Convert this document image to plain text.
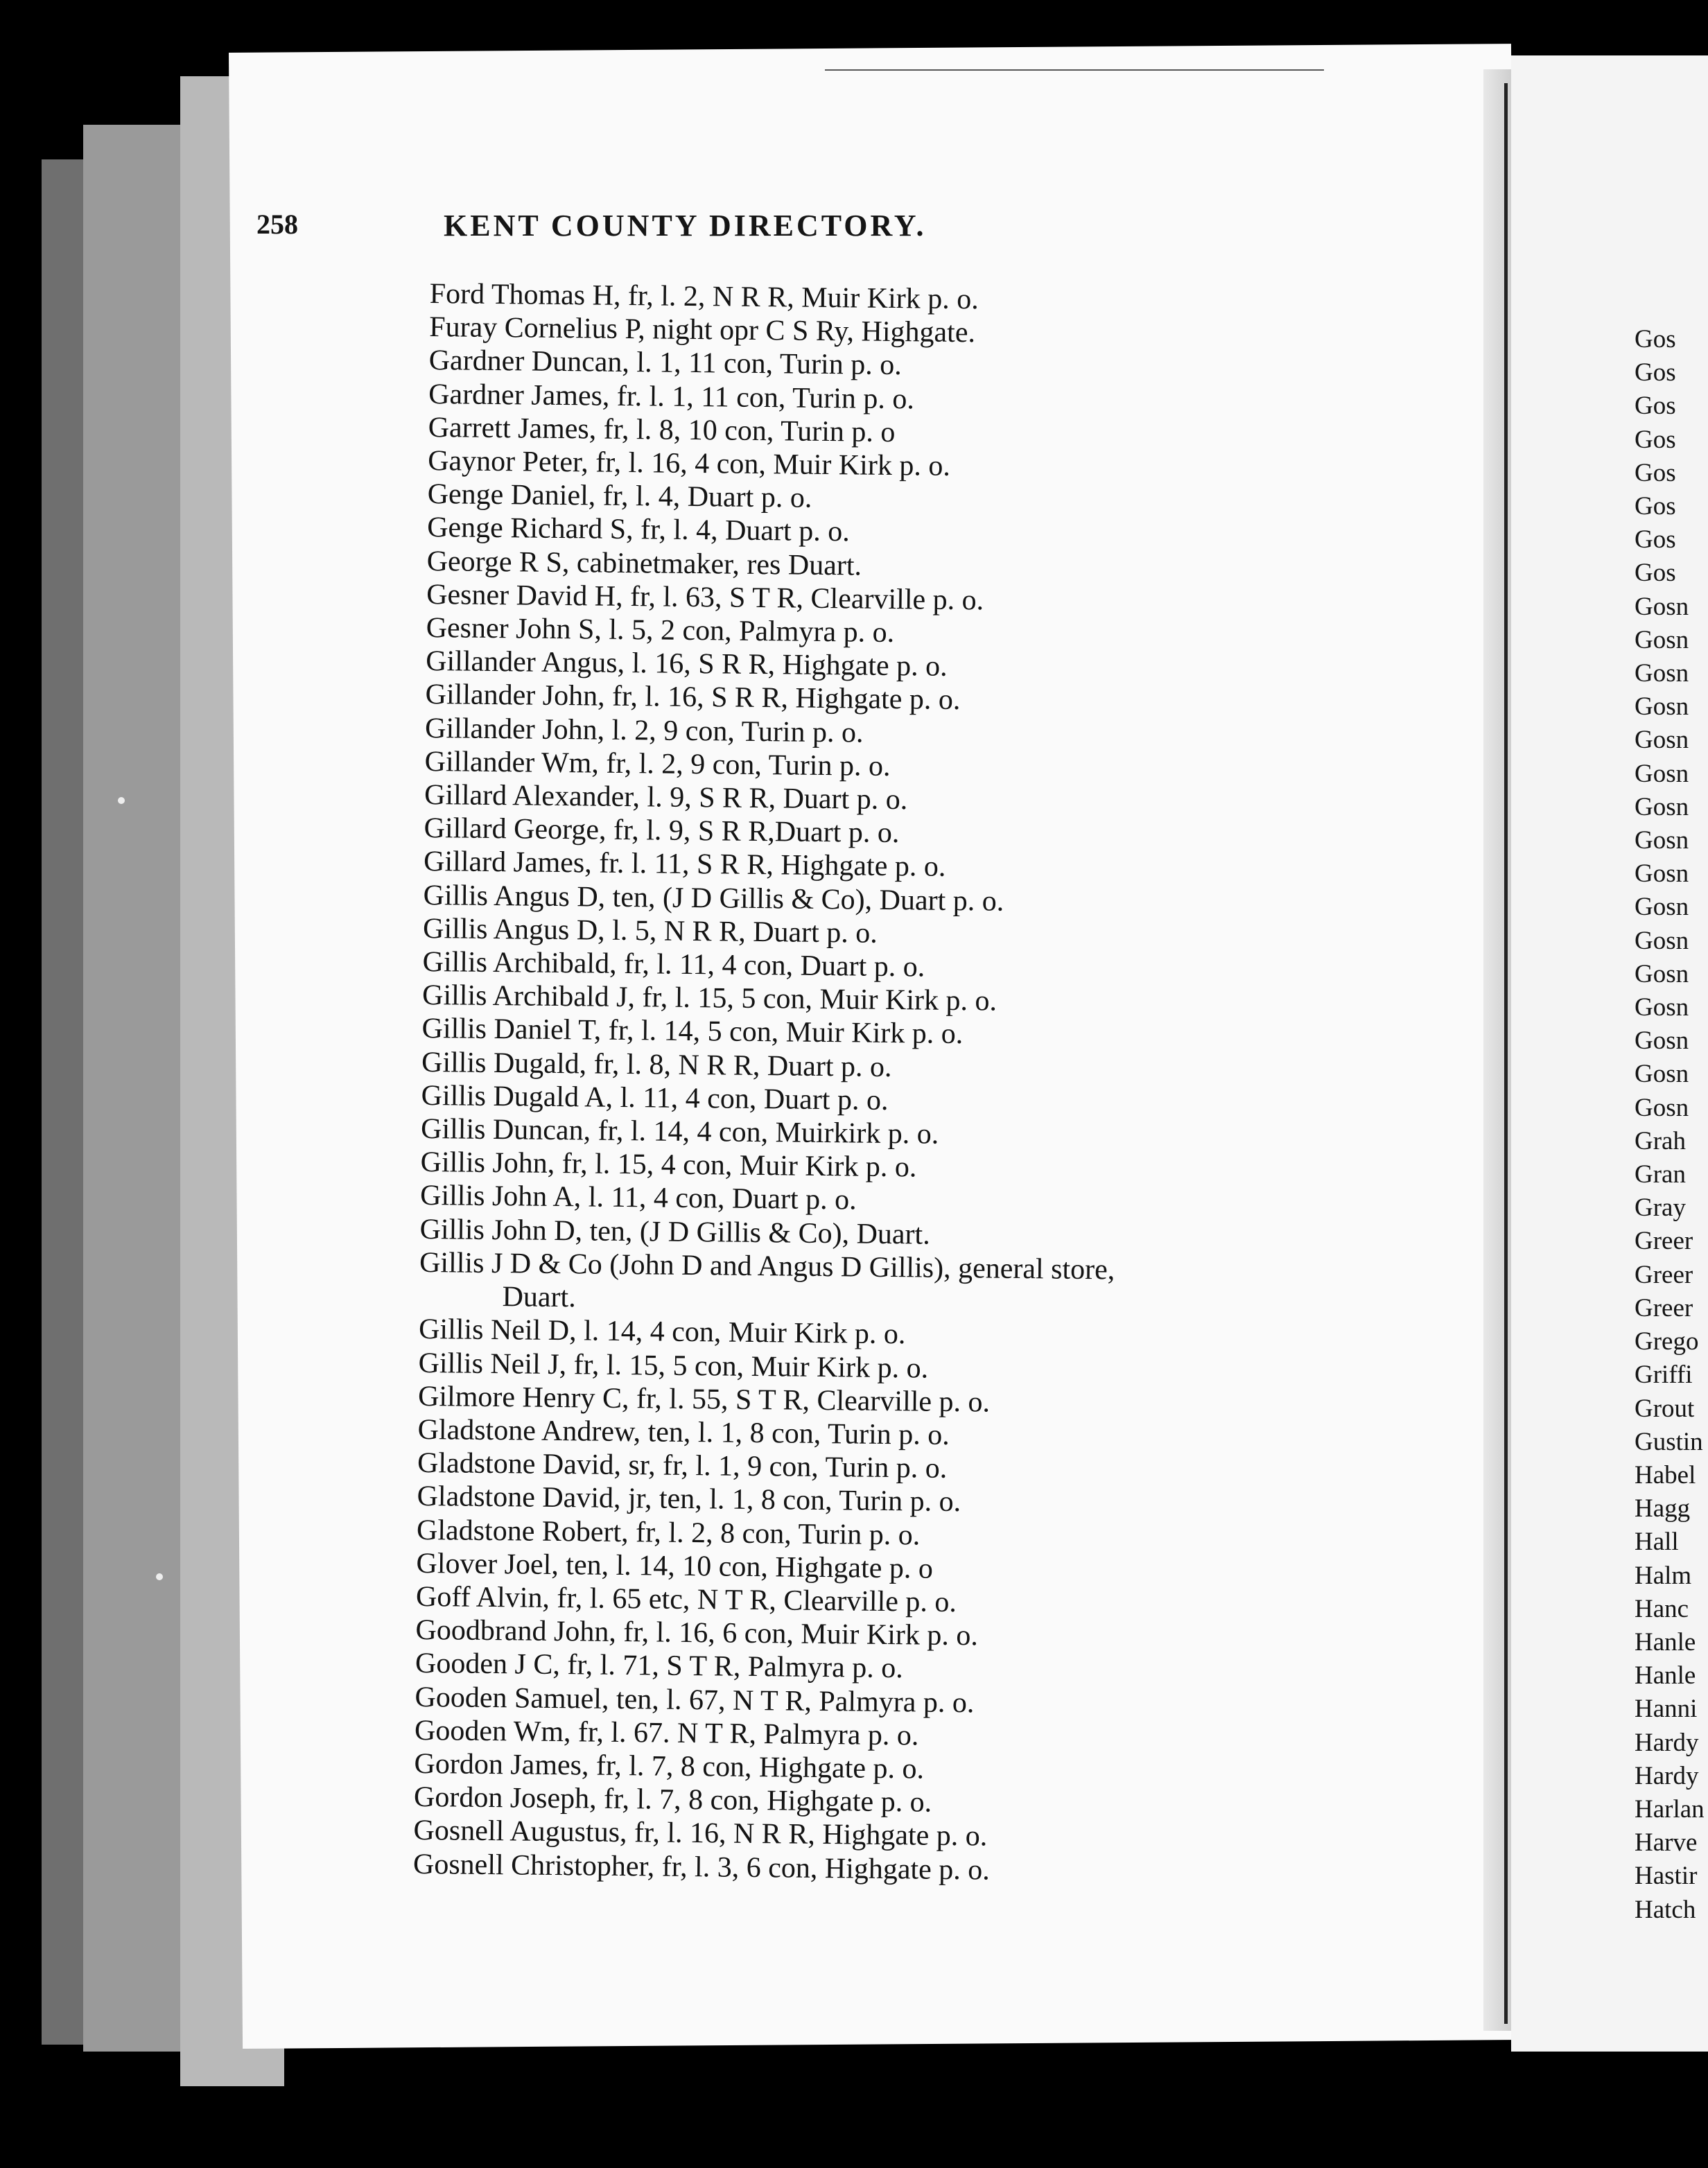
258	KENT COUNTY DIRECTORY.
Ford Thomas H, fr, l. 2, N R R, Muir Kirk p. o.
Furay Cornelius P, night opr C S Ry, Highgate.
Gardner Duncan, l. 1, 11 con, Turin p. o.
Gardner James, fr. l. 1, 11 con, Turin p. o.
Garrett James, fr, l. 8, 10 con, Turin p. o
Gaynor Peter, fr, l. 16, 4 con, Muir Kirk p. o.
Genge Daniel, fr, l. 4, Duart p. o.
Genge Richard S, fr, l. 4, Duart p. o.
George R S, cabinetmaker, res Duart.
Gesner David H, fr, l. 63, S T R, Clearville p. o.
Gesner John S, l. 5, 2 con, Palmyra p. o.
Gillander Angus, l. 16, S R R, Highgate p. o.
Gillander John, fr, l. 16, S R R, Highgate p. o.
Gillander John, l. 2, 9 con, Turin p. o.
Gillander Wm, fr, l. 2, 9 con, Turin p. o.
Gillard Alexander, l. 9, S R R, Duart p. o.
Gillard George, fr, l. 9, S R R,Duart p. o.
Gillard James, fr. l. 11, S R R, Highgate p. o.
Gillis Angus D, ten, (J D Gillis & Co), Duart p. o.
Gillis Angus D, l. 5, N R R, Duart p. o.
Gillis Archibald, fr, l. 11, 4 con, Duart p. o.
Gillis Archibald J, fr, l. 15, 5 con, Muir Kirk p. o.
Gillis Daniel T, fr, l. 14, 5 con, Muir Kirk p. o.
Gillis Dugald, fr, l. 8, N R R, Duart p. o.
Gillis Dugald A, l. 11, 4 con, Duart p. o.
Gillis Duncan, fr, l. 14, 4 con, Muirkirk p. o.
Gillis John, fr, l. 15, 4 con, Muir Kirk p. o.
Gillis John A, l. 11, 4 con, Duart p. o.
Gillis John D, ten, (J D Gillis & Co), Duart.
Gillis J D & Co (John D and Angus D Gillis), general store,
Duart.
Gillis Neil D, l. 14, 4 con, Muir Kirk p. o.
Gillis Neil J, fr, l. 15, 5 con, Muir Kirk p. o.
Gilmore Henry C, fr, l. 55, S T R, Clearville p. o.
Gladstone Andrew, ten, l. 1, 8 con, Turin p. o.
Gladstone David, sr, fr, l. 1, 9 con, Turin p. o.
Gladstone David, jr, ten, l. 1, 8 con, Turin p. o.
Gladstone Robert, fr, l. 2, 8 con, Turin p. o.
Glover Joel, ten, l. 14, 10 con, Highgate p. o
Goff Alvin, fr, l. 65 etc, N T R, Clearville p. o.
Goodbrand John, fr, l. 16, 6 con, Muir Kirk p. o.
Gooden J C, fr, l. 71, S T R, Palmyra p. o.
Gooden Samuel, ten, l. 67, N T R, Palmyra p. o.
Gooden Wm, fr, l. 67. N T R, Palmyra p. o.
Gordon James, fr, l. 7, 8 con, Highgate p. o.
Gordon Joseph, fr, l. 7, 8 con, Highgate p. o.
Gosnell Augustus, fr, l. 16, N R R, Highgate p. o.
Gosnell Christopher, fr, l. 3, 6 con, Highgate p. o.
Gos
Gos
Gos
Gos
Gos
Gos
Gos
Gos
Gosn
Gosn
Gosn
Gosn
Gosn
Gosn
Gosn
Gosn
Gosn
Gosn
Gosn
Gosn
Gosn
Gosn
Gosn
Gosn
Grah
Gran
Gray
Greer
Greer
Greer
Grego
Griffi
Grout
Gustin
Habel
Hagg
Hall
Halm
Hanc
Hanle
Hanle
Hanni
Hardy
Hardy
Harlan
Harve
Hastir
Hatch
